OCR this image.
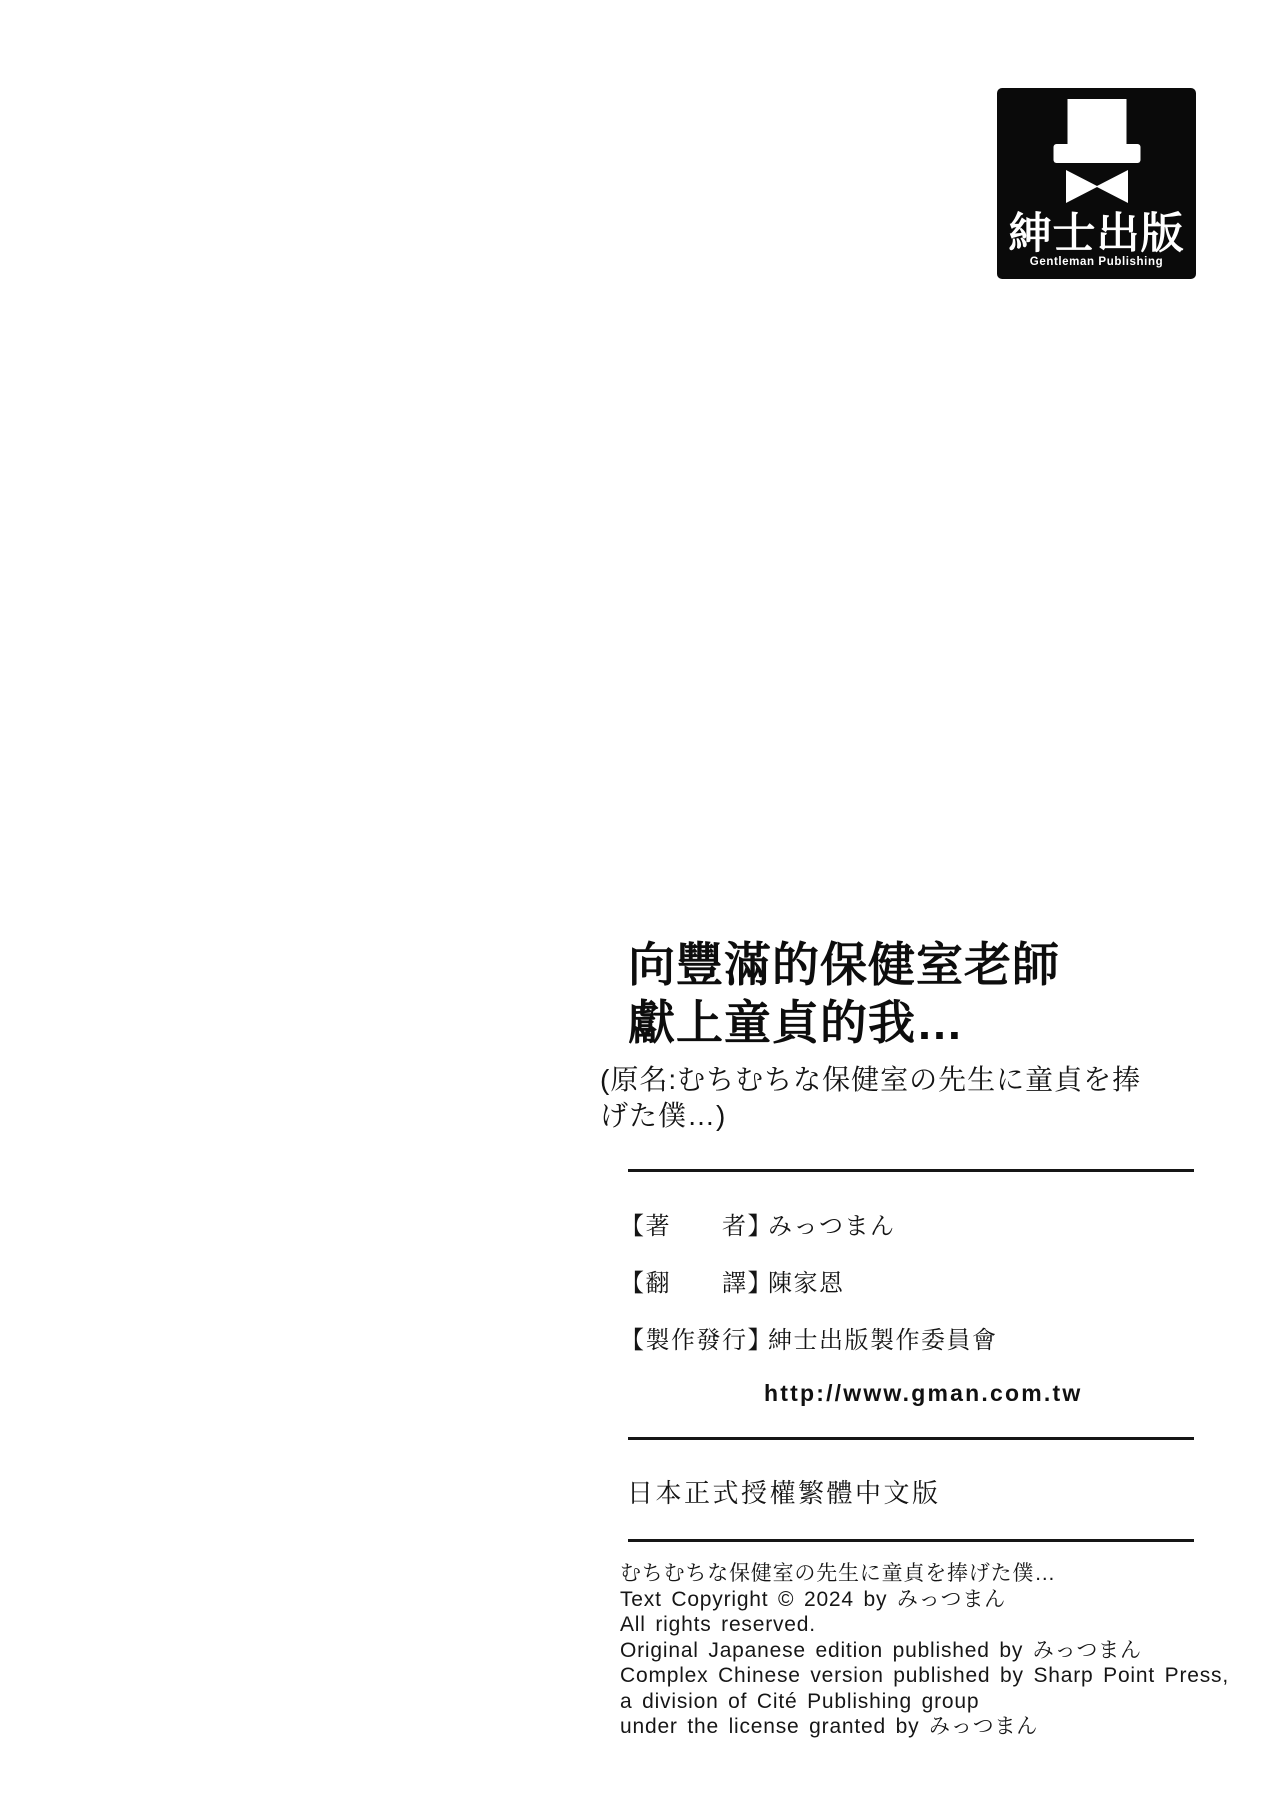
紳士出版
Gentleman Publishing
向豐滿的保健室老師
獻上童貞的我…
(原名:むちむちな保健室の先生に童貞を捧
げた僕…)
【著　　者】みっつまん
【翻　　譯】陳家恩
【製作發行】紳士出版製作委員會
http://www.gman.com.tw
日本正式授權繁體中文版
むちむちな保健室の先生に童貞を捧げた僕…
Text Copyright © 2024 by みっつまん
All rights reserved.
Original Japanese edition published by みっつまん
Complex Chinese version published by Sharp Point Press,
a division of Cité Publishing group
under the license granted by みっつまん
